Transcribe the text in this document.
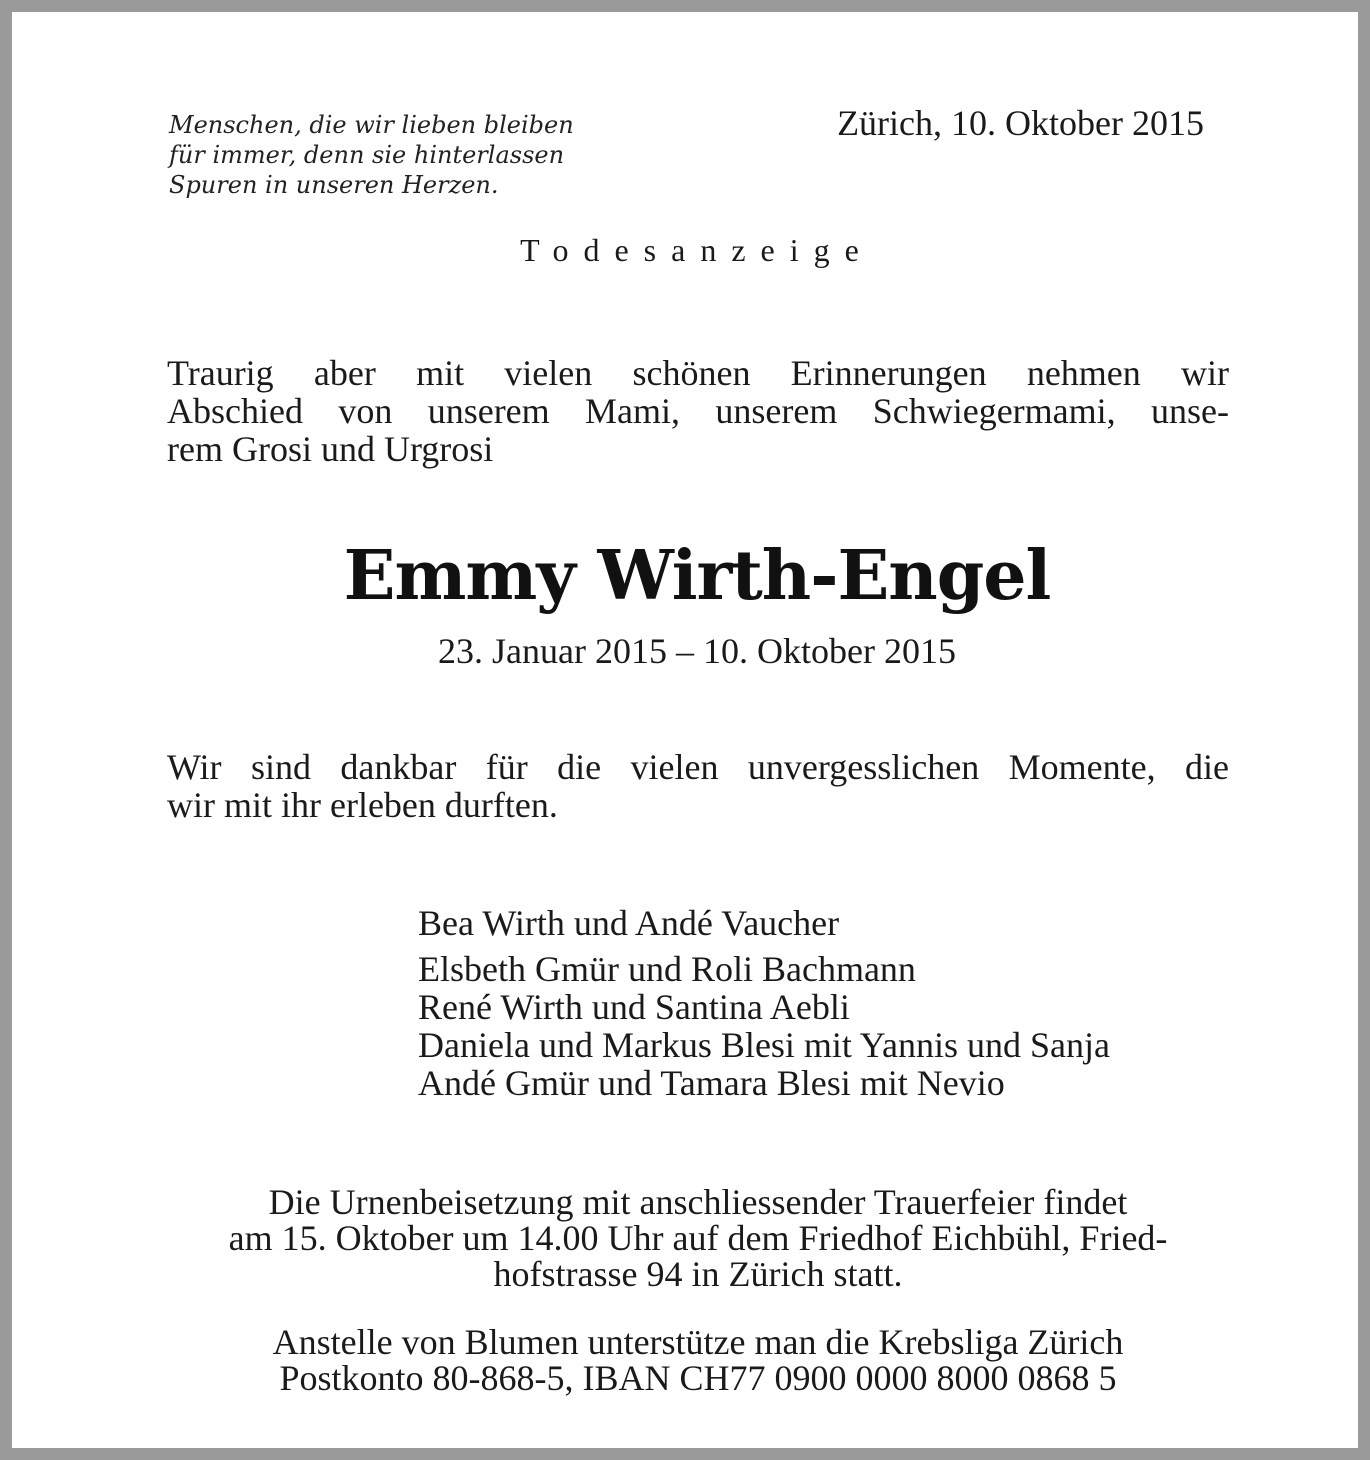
Menschen, die wir lieben bleiben
für immer, denn sie hinterlassen
Spuren in unseren Herzen.
Zürich, 10. Oktober 2015
Todesanzeige
Traurig aber mit vielen schönen Erinnerungen nehmen wir
Abschied von unserem Mami, unserem Schwiegermami, unse-
rem Grosi und Urgrosi
Emmy Wirth-Engel
23. Januar 2015 – 10. Oktober 2015
Wir sind dankbar für die vielen unvergesslichen Momente, die
wir mit ihr erleben durften.
Bea Wirth und Andé Vaucher
Elsbeth Gmür und Roli Bachmann
René Wirth und Santina Aebli
Daniela und Markus Blesi mit Yannis und Sanja
Andé Gmür und Tamara Blesi mit Nevio
Die Urnenbeisetzung mit anschliessender Trauerfeier findet
am 15. Oktober um 14.00 Uhr auf dem Friedhof Eichbühl, Fried-
hofstrasse 94 in Zürich statt.
Anstelle von Blumen unterstütze man die Krebsliga Zürich
Postkonto 80-868-5, IBAN CH77 0900 0000 8000 0868 5
